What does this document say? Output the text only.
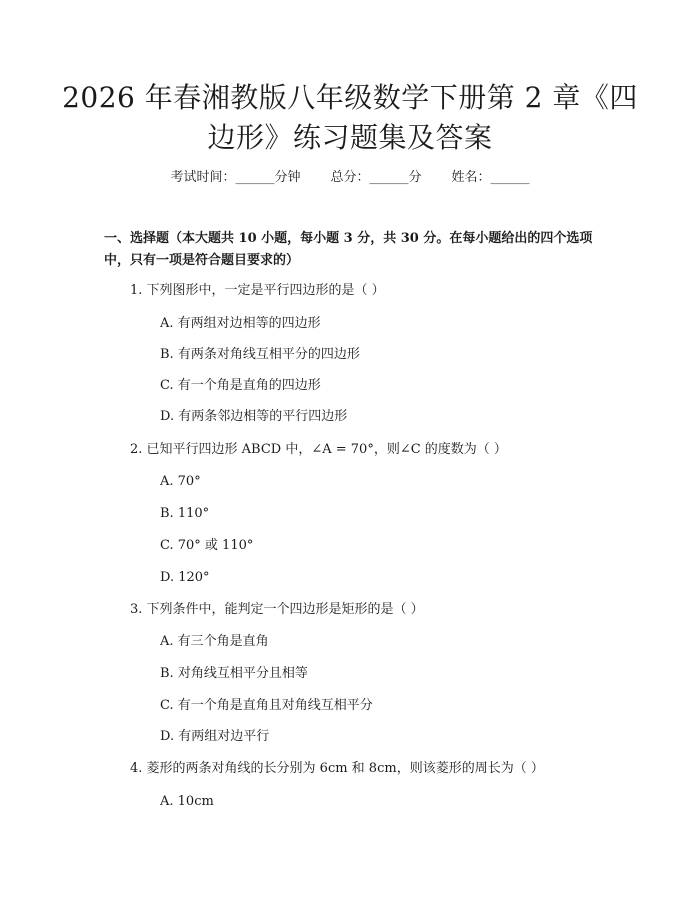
2026 年春湘教版八年级数学下册第 2 章《四
边形》练习题集及答案
考试时间：______分钟 总分：______分 姓名：______
一、选择题（本大题共 10 小题，每小题 3 分，共 30 分。在每小题给出的四个选项中，只有一项是符合题目要求的）
1. 下列图形中，一定是平行四边形的是（ ）
A. 有两组对边相等的四边形
B. 有两条对角线互相平分的四边形
C. 有一个角是直角的四边形
D. 有两条邻边相等的平行四边形
2. 已知平行四边形 ABCD 中，∠A = 70°，则∠C 的度数为（ ）
A. 70°
B. 110°
C. 70° 或 110°
D. 120°
3. 下列条件中，能判定一个四边形是矩形的是（ ）
A. 有三个角是直角
B. 对角线互相平分且相等
C. 有一个角是直角且对角线互相平分
D. 有两组对边平行
4. 菱形的两条对角线的长分别为 6cm 和 8cm，则该菱形的周长为（ ）
A. 10cm
